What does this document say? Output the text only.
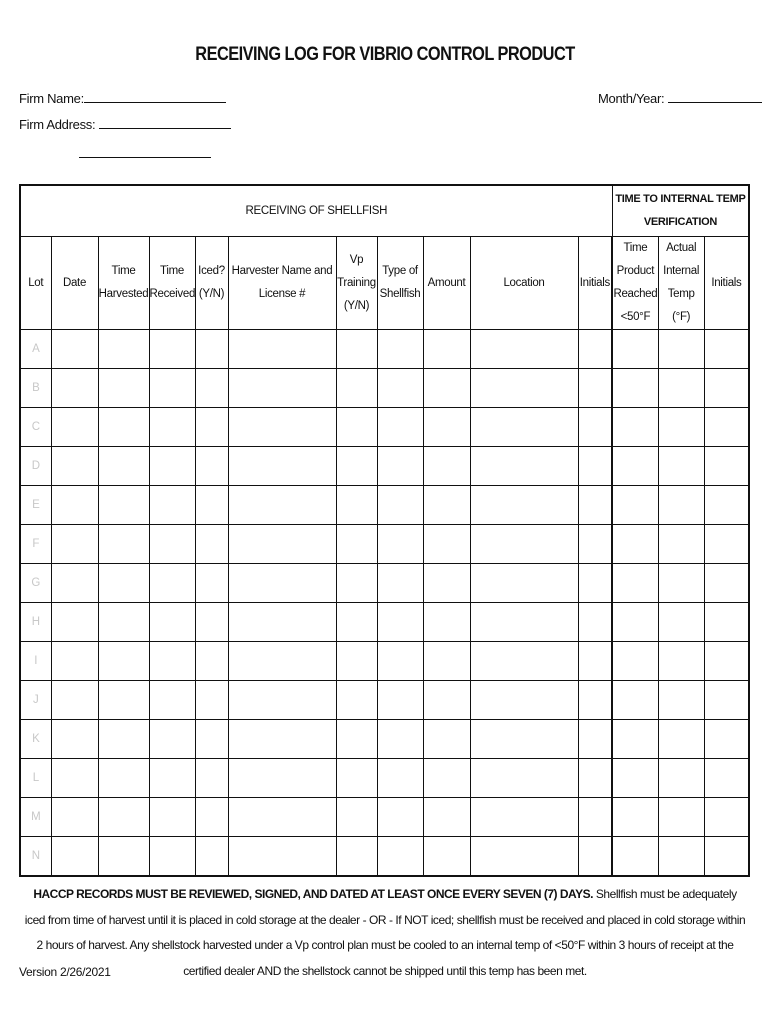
RECEIVING LOG FOR VIBRIO CONTROL PRODUCT
Firm Name:	Month/Year:
Firm Address:
RECEIVING OF SHELLFISH											TIME TO INTERNAL TEMP VERIFICATION		
Lot	Date	Time Harvested	Time Received	Iced? (Y/N)	Harvester Name and License #	Vp Training (Y/N)	Type of Shellfish	Amount	Location	Initials	Time Product Reached <50°F	Actual Internal Temp (°F)	Initials
A													
B													
C													
D													
E													
F													
G													
H													
I													
J													
K													
L													
M													
N													
HACCP RECORDS MUST BE REVIEWED, SIGNED, AND DATED AT LEAST ONCE EVERY SEVEN (7) DAYS. Shellfish must be adequately iced from time of harvest until it is placed in cold storage at the dealer - OR - If NOT iced; shellfish must be received and placed in cold storage within 2 hours of harvest. Any shellstock harvested under a Vp control plan must be cooled to an internal temp of <50°F within 3 hours of receipt at the certified dealer AND the shellstock cannot be shipped until this temp has been met.
Version 2/26/2021
